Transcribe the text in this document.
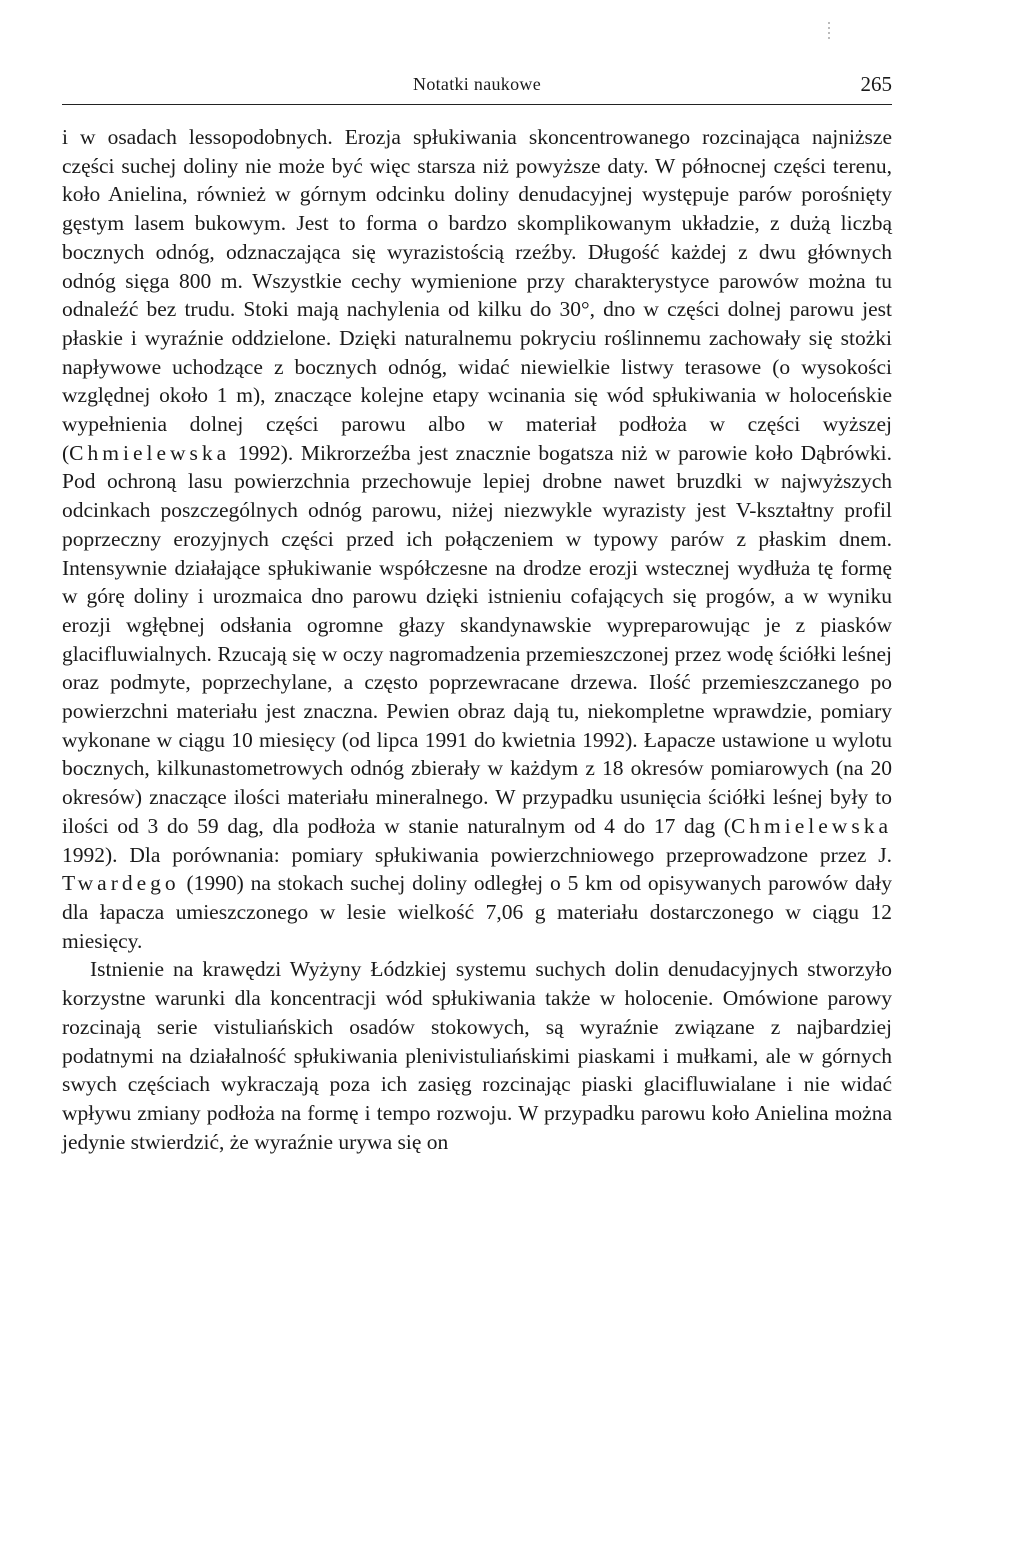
Notatki naukowe	265

i w osadach lessopodobnych. Erozja spłukiwania skoncentrowanego rozcinająca najniższe części suchej doliny nie może być więc starsza niż powyższe daty. W północnej części terenu, koło Anielina, również w górnym odcinku doliny denudacyjnej występuje parów porośnięty gęstym lasem bukowym. Jest to forma o bardzo skomplikowanym układzie, z dużą liczbą bocznych odnóg, odznaczająca się wyrazistością rzeźby. Długość każdej z dwu głównych odnóg sięga 800 m. Wszystkie cechy wymienione przy charakterystyce parowów można tu odnaleźć bez trudu. Stoki mają nachylenia od kilku do 30°, dno w części dolnej parowu jest płaskie i wyraźnie oddzielone. Dzięki naturalnemu pokryciu roślinnemu zachowały się stożki napływowe uchodzące z bocznych odnóg, widać niewielkie listwy terasowe (o wysokości względnej około 1 m), znaczące kolejne etapy wcinania się wód spłukiwania w holoceńskie wypełnienia dolnej części parowu albo w materiał podłoża w części wyższej (Chmielewska 1992). Mikrorzeźba jest znacznie bogatsza niż w parowie koło Dąbrówki. Pod ochroną lasu powierzchnia przechowuje lepiej drobne nawet bruzdki w najwyższych odcinkach poszczególnych odnóg parowu, niżej niezwykle wyrazisty jest V-kształtny profil poprzeczny erozyjnych części przed ich połączeniem w typowy parów z płaskim dnem. Intensywnie działające spłukiwanie współczesne na drodze erozji wstecznej wydłuża tę formę w górę doliny i urozmaica dno parowu dzięki istnieniu cofających się progów, a w wyniku erozji wgłębnej odsłania ogromne głazy skandynawskie wypreparowując je z piasków glacifluwialnych. Rzucają się w oczy nagromadzenia przemieszczonej przez wodę ściółki leśnej oraz podmyte, poprzechylane, a często poprzewracane drzewa. Ilość przemieszczanego po powierzchni materiału jest znaczna. Pewien obraz dają tu, niekompletne wprawdzie, pomiary wykonane w ciągu 10 miesięcy (od lipca 1991 do kwietnia 1992). Łapacze ustawione u wylotu bocznych, kilkunastometrowych odnóg zbierały w każdym z 18 okresów pomiarowych (na 20 okresów) znaczące ilości materiału mineralnego. W przypadku usunięcia ściółki leśnej były to ilości od 3 do 59 dag, dla podłoża w stanie naturalnym od 4 do 17 dag (Chmielewska 1992). Dla porównania: pomiary spłukiwania powierzchniowego przeprowadzone przez J. Twardego (1990) na stokach suchej doliny odległej o 5 km od opisywanych parowów dały dla łapacza umieszczonego w lesie wielkość 7,06 g materiału dostarczonego w ciągu 12 miesięcy.

Istnienie na krawędzi Wyżyny Łódzkiej systemu suchych dolin denudacyjnych stworzyło korzystne warunki dla koncentracji wód spłukiwania także w holocenie. Omówione parowy rozcinają serie vistuliańskich osadów stokowych, są wyraźnie związane z najbardziej podatnymi na działalność spłukiwania plenivistuliańskimi piaskami i mułkami, ale w górnych swych częściach wykraczają poza ich zasięg rozcinając piaski glacifluwialane i nie widać wpływu zmiany podłoża na formę i tempo rozwoju. W przypadku parowu koło Anielina można jedynie stwierdzić, że wyraźnie urywa się on
